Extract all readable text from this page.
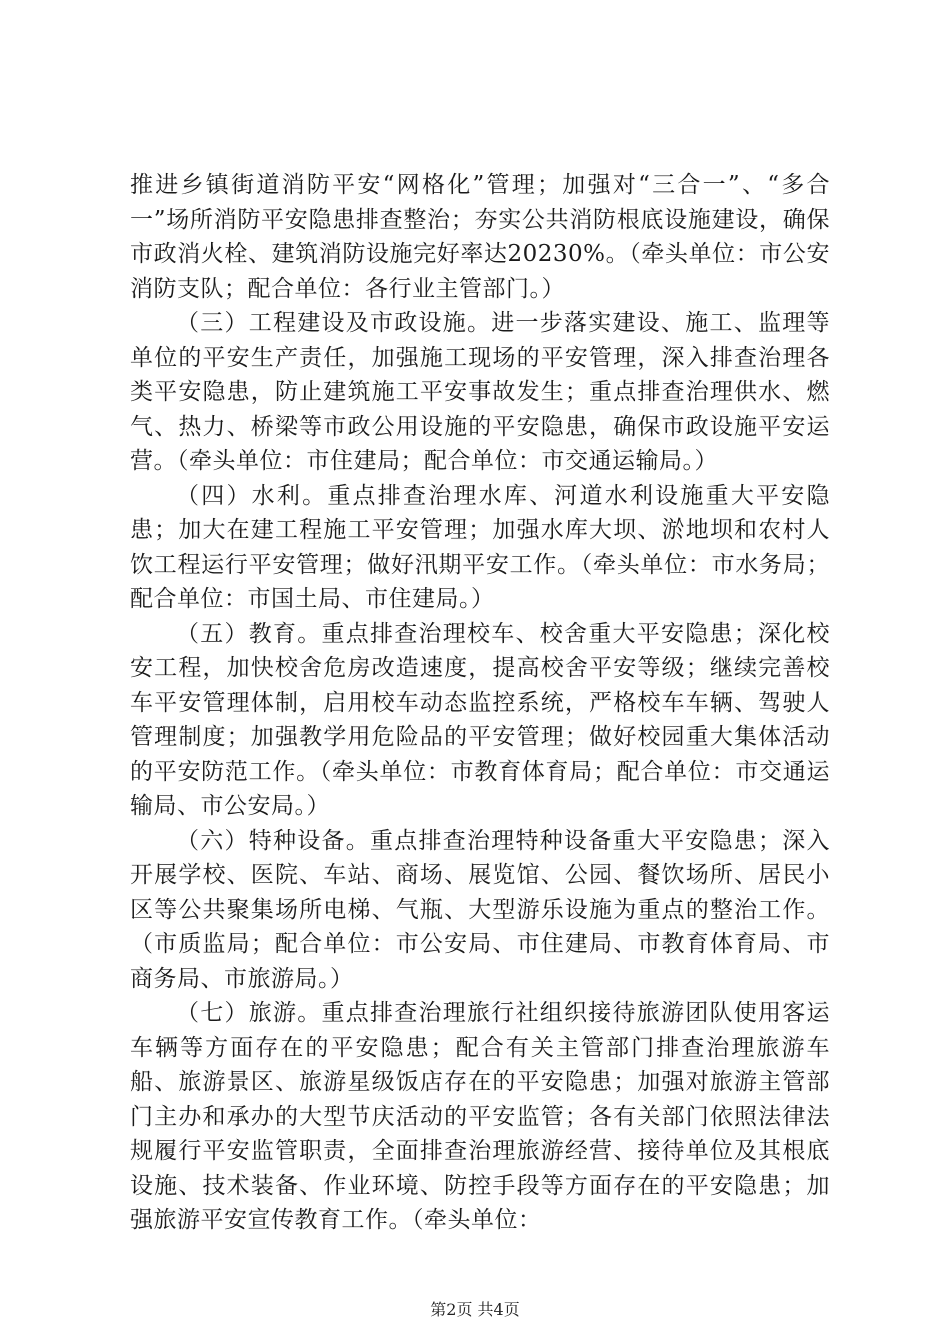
推进乡镇街道消防平安“网格化”管理；加强对“三合一”、“多合一”场所消防平安隐患排查整治；夯实公共消防根底设施建设，确保市政消火栓、建筑消防设施完好率达20230%。（牵头单位：市公安消防支队；配合单位：各行业主管部门。）

（三）工程建设及市政设施。进一步落实建设、施工、监理等单位的平安生产责任，加强施工现场的平安管理，深入排查治理各类平安隐患，防止建筑施工平安事故发生；重点排查治理供水、燃气、热力、桥梁等市政公用设施的平安隐患，确保市政设施平安运营。（牵头单位：市住建局；配合单位：市交通运输局。）

（四）水利。重点排查治理水库、河道水利设施重大平安隐患；加大在建工程施工平安管理；加强水库大坝、淤地坝和农村人饮工程运行平安管理；做好汛期平安工作。（牵头单位：市水务局；配合单位：市国土局、市住建局。）

（五）教育。重点排查治理校车、校舍重大平安隐患；深化校安工程，加快校舍危房改造速度，提高校舍平安等级；继续完善校车平安管理体制，启用校车动态监控系统，严格校车车辆、驾驶人管理制度；加强教学用危险品的平安管理；做好校园重大集体活动的平安防范工作。（牵头单位：市教育体育局；配合单位：市交通运输局、市公安局。）

（六）特种设备。重点排查治理特种设备重大平安隐患；深入开展学校、医院、车站、商场、展览馆、公园、餐饮场所、居民小区等公共聚集场所电梯、气瓶、大型游乐设施为重点的整治工作。（市质监局；配合单位：市公安局、市住建局、市教育体育局、市商务局、市旅游局。）

（七）旅游。重点排查治理旅行社组织接待旅游团队使用客运车辆等方面存在的平安隐患；配合有关主管部门排查治理旅游车船、旅游景区、旅游星级饭店存在的平安隐患；加强对旅游主管部门主办和承办的大型节庆活动的平安监管；各有关部门依照法律法规履行平安监管职责，全面排查治理旅游经营、接待单位及其根底设施、技术装备、作业环境、防控手段等方面存在的平安隐患；加强旅游平安宣传教育工作。（牵头单位：

第2页 共4页
